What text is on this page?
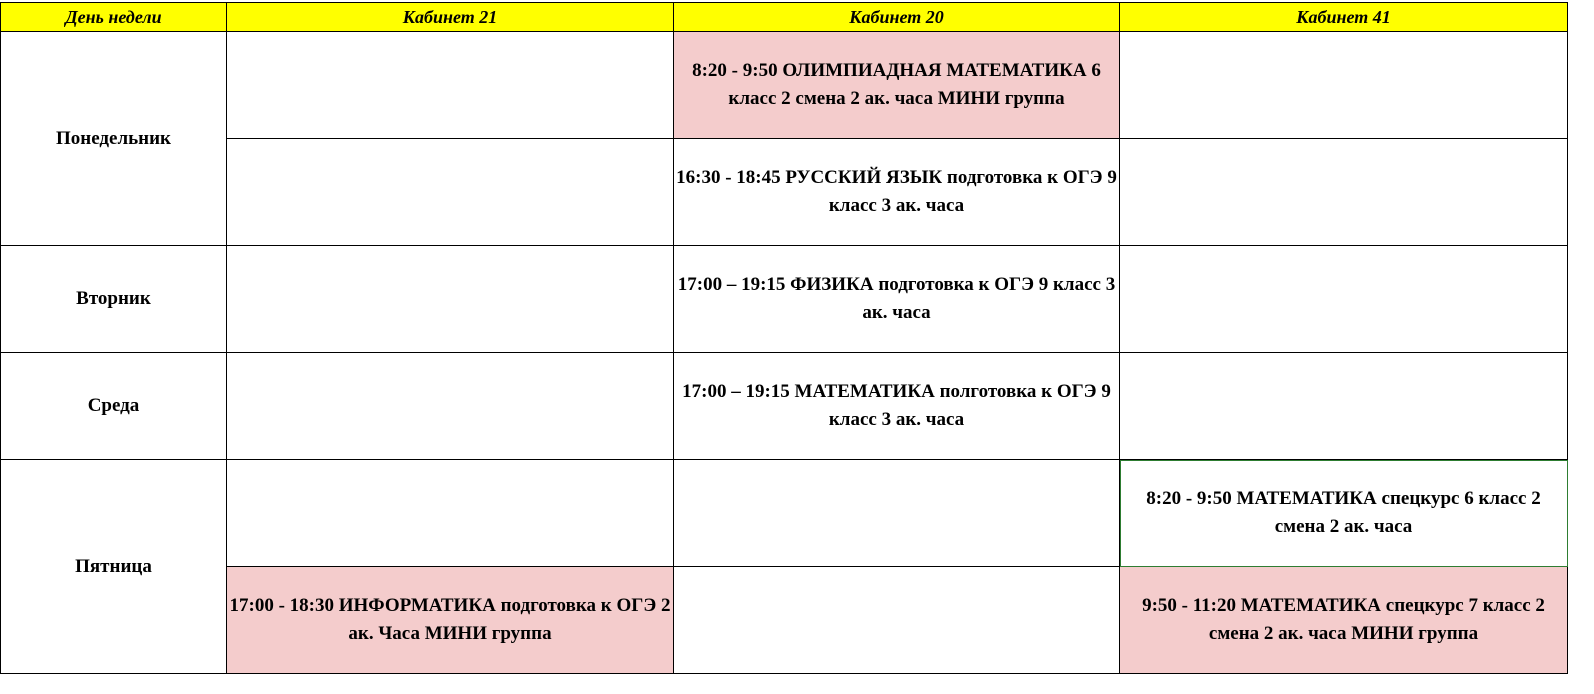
День недели	Кабинет 21	Кабинет 20	Кабинет 41
Понедельник		8:20 - 9:50 ОЛИМПИАДНАЯ МАТЕМАТИКА 6 класс 2 смена 2 ак. часа МИНИ группа	
		16:30 - 18:45 РУССКИЙ ЯЗЫК подготовка к ОГЭ 9 класс 3 ак. часа	
Вторник		17:00 – 19:15 ФИЗИКА подготовка к ОГЭ 9 класс 3 ак. часа	
Среда		17:00 – 19:15 МАТЕМАТИКА полготовка к ОГЭ 9 класс 3 ак. часа	
Пятница			8:20 - 9:50 МАТЕМАТИКА спецкурс 6 класс 2 смена 2 ак. часа
	17:00 - 18:30 ИНФОРМАТИКА подготовка к ОГЭ 2 ак. Часа МИНИ группа		9:50 - 11:20 МАТЕМАТИКА спецкурс 7 класс 2 смена 2 ак. часа МИНИ группа
